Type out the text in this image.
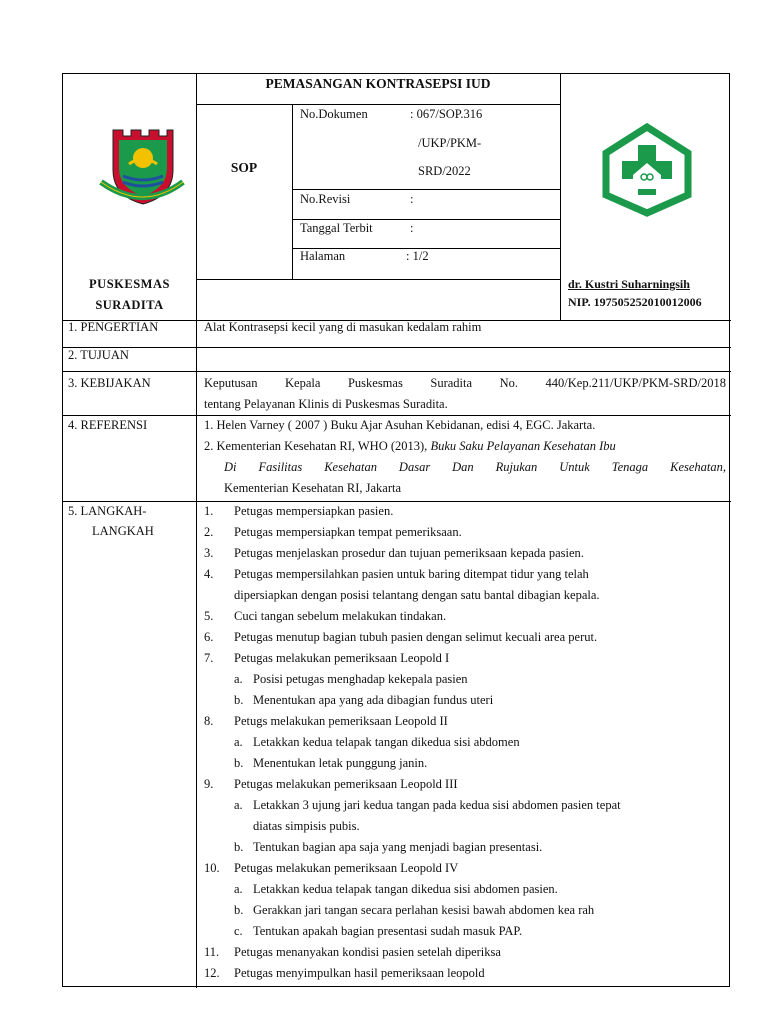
PEMASANGAN KONTRASEPSI IUD
SOP
No.Dokumen	: 067/SOP.316
/UKP/PKM-
SRD/2022
No.Revisi	:
Tanggal Terbit	:
Halaman	: 1/2
PUSKESMAS
SURADITA
dr. Kustri Suharningsih
NIP. 197505252010012006
1. PENGERTIAN	Alat Kontrasepsi kecil yang di masukan kedalam rahim
2. TUJUAN
3. KEBIJAKAN	Keputusan Kepala Puskesmas Suradita No. 440/Kep.211/UKP/PKM-SRD/2018
tentang Pelayanan Klinis di Puskesmas Suradita.
4. REFERENSI	1. Helen Varney ( 2007 ) Buku Ajar Asuhan Kebidanan, edisi 4, EGC. Jakarta.
2. Kementerian Kesehatan RI, WHO (2013), Buku Saku Pelayanan Kesehatan Ibu
Di Fasilitas Kesehatan Dasar Dan Rujukan Untuk Tenaga Kesehatan,
Kementerian Kesehatan RI, Jakarta
5. LANGKAH-
LANGKAH
1. Petugas mempersiapkan pasien.
2. Petugas mempersiapkan tempat pemeriksaan.
3. Petugas menjelaskan prosedur dan tujuan pemeriksaan kepada pasien.
4. Petugas mempersilahkan pasien untuk baring ditempat tidur yang telah
dipersiapkan dengan posisi telantang dengan satu bantal dibagian kepala.
5. Cuci tangan sebelum melakukan tindakan.
6. Petugas menutup bagian tubuh pasien dengan selimut kecuali area perut.
7. Petugas melakukan pemeriksaan Leopold I
a. Posisi petugas menghadap kekepala pasien
b. Menentukan apa yang ada dibagian fundus uteri
8. Petugs melakukan pemeriksaan Leopold II
a. Letakkan kedua telapak tangan dikedua sisi abdomen
b. Menentukan letak punggung janin.
9. Petugas melakukan pemeriksaan Leopold III
a. Letakkan 3 ujung jari kedua tangan pada kedua sisi abdomen pasien tepat
diatas simpisis pubis.
b. Tentukan bagian apa saja yang menjadi bagian presentasi.
10. Petugas melakukan pemeriksaan Leopold IV
a. Letakkan kedua telapak tangan dikedua sisi abdomen pasien.
b. Gerakkan jari tangan secara perlahan kesisi bawah abdomen kea rah
c. Tentukan apakah bagian presentasi sudah masuk PAP.
11. Petugas menanyakan kondisi pasien setelah diperiksa
12. Petugas menyimpulkan hasil pemeriksaan leopold
